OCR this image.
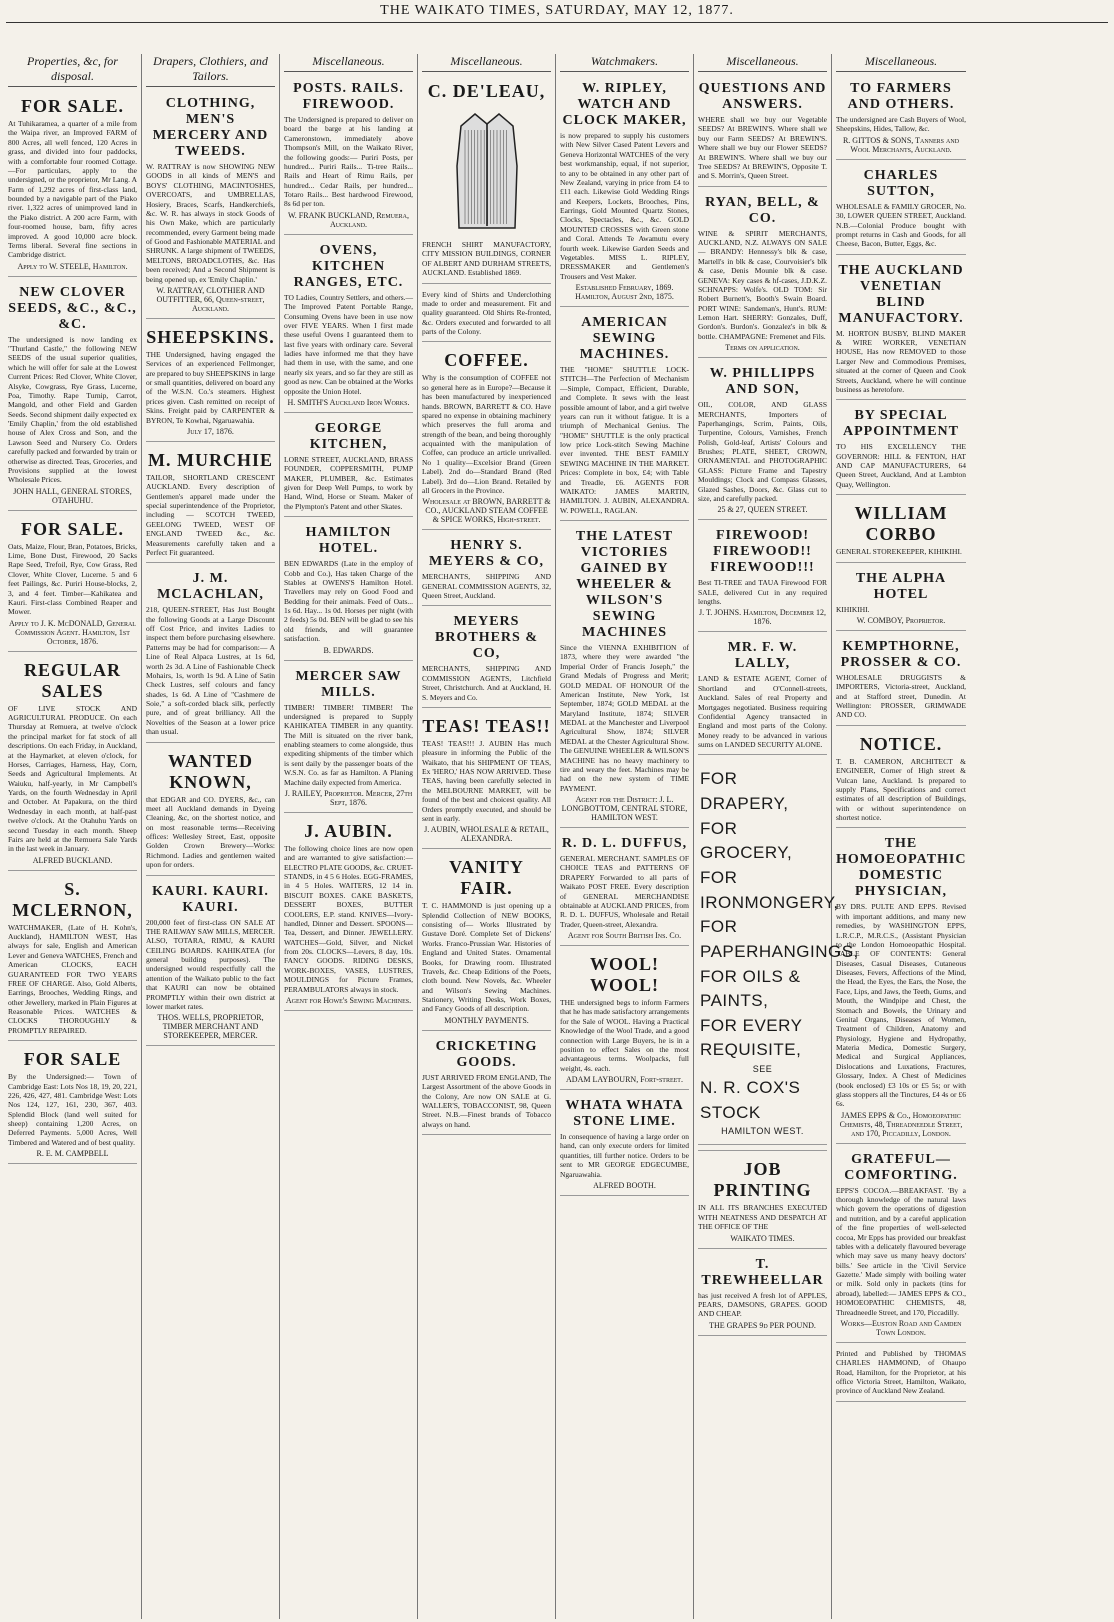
THE WAIKATO TIMES, SATURDAY, MAY 12, 1877.
Properties, &c, for disposal.
FOR SALE.
At Tuhikaramea, a quarter of a mile from the Waipa river, an Improved FARM of 800 Acres, all well fenced, 120 Acres in grass, and divided into four paddocks, with a comfortable four roomed Cottage.—For particulars, apply to the undersigned, or the proprietor, Mr Lang. A Farm of 1,292 acres of first-class land, bounded by a navigable part of the Piako river. 1,322 acres of unimproved land in the Piako district. A 200 acre Farm, with four-roomed house, barn, fifty acres improved. A good 10,000 acre block. Terms liberal. Several fine sections in Cambridge district.
Apply to W. STEELE, Hamilton.
NEW CLOVER SEEDS, &C., &C., &C.
The undersigned is now landing ex "Thurland Castle," the following NEW SEEDS of the usual superior qualities, which he will offer for sale at the Lowest Current Prices: Red Clover, White Clover, Alsyke, Cowgrass, Rye Grass, Lucerne, Poa, Timothy. Rape Turnip, Carrot, Mangold, and other Field and Garden Seeds. Second shipment daily expected ex 'Emily Chaplin,' from the old established house of Alex Cross and Son, and the Lawson Seed and Nursery Co. Orders carefully packed and forwarded by train or otherwise as directed. Teas, Groceries, and Provisions supplied at the lowest Wholesale Prices.
JOHN HALL, GENERAL STORES, OTAHUHU.
FOR SALE.
Oats, Maize, Flour, Bran, Potatoes, Bricks, Lime, Bone Dust, Firewood, 20 Sacks Rape Seed, Trefoil, Rye, Cow Grass, Red Clover, White Clover, Lucerne. 5 and 6 feet Pailings, &c. Puriri House-blocks, 2, 3, and 4 feet. Timber—Kahikatea and Kauri. First-class Combined Reaper and Mower.
Apply to J. K. McDONALD, General Commission Agent. Hamilton, 1st October, 1876.
REGULAR SALES
OF LIVE STOCK AND AGRICULTURAL PRODUCE. On each Thursday at Remuera, at twelve o'clock the principal market for fat stock of all descriptions. On each Friday, in Auckland, at the Haymarket, at eleven o'clock, for Horses, Carriages, Harness, Hay, Corn, Seeds and Agricultural Implements. At Waiuku, half-yearly, in Mr Campbell's Yards, on the fourth Wednesday in April and October. At Papakura, on the third Wednesday in each month, at half-past twelve o'clock. At the Otahuhu Yards on second Tuesday in each month. Sheep Fairs are held at the Remuera Sale Yards in the last week in January.
ALFRED BUCKLAND.
S. MCLERNON,
WATCHMAKER, (Late of H. Kohn's, Auckland), HAMILTON WEST, Has always for sale, English and American Lever and Geneva WATCHES, French and American CLOCKS, EACH GUARANTEED FOR TWO YEARS FREE OF CHARGE. Also, Gold Alberts, Earrings, Brooches, Wedding Rings, and other Jewellery, marked in Plain Figures at Reasonable Prices. WATCHES & CLOCKS THOROUGHLY & PROMPTLY REPAIRED.
FOR SALE
By the Undersigned:— Town of Cambridge East: Lots Nos 18, 19, 20, 221, 226, 426, 427, 481. Cambridge West: Lots Nos 124, 127, 161, 230, 367, 403. Splendid Block (land well suited for sheep) containing 1,200 Acres, on Deferred Payments. 5,000 Acres, Well Timbered and Watered and of best quality.
R. E. M. CAMPBELL
Drapers, Clothiers, and Tailors.
CLOTHING, MEN'S MERCERY AND TWEEDS.
W. RATTRAY is now SHOWING NEW GOODS in all kinds of MEN'S and BOYS' CLOTHING, MACINTOSHES, OVERCOATS, and UMBRELLAS, Hosiery, Braces, Scarfs, Handkerchiefs, &c. W. R. has always in stock Goods of his Own Make, which are particularly recommended, every Garment being made of Good and Fashionable MATERIAL and SHRUNK. A large shipment of TWEEDS, MELTONS, BROADCLOTHS, &c. Has been received; And a Second Shipment is being opened up, ex 'Emily Chaplin.'
W. RATTRAY, CLOTHIER AND OUTFITTER, 66, Queen-street, Auckland.
SHEEPSKINS.
THE Undersigned, having engaged the Services of an experienced Fellmonger, are prepared to buy SHEEPSKINS in large or small quantities, delivered on board any of the W.S.N. Co.'s steamers. Highest prices given. Cash remitted on receipt of Skins. Freight paid by CARPENTER & BYRON, Te Kowhai, Ngaruawahia.
July 17, 1876.
M. MURCHIE
TAILOR, SHORTLAND CRESCENT AUCKLAND. Every description of Gentlemen's apparel made under the special superintendence of the Proprietor, including — SCOTCH TWEED, GEELONG TWEED, WEST OF ENGLAND TWEED &c., &c. Measurements carefully taken and a Perfect Fit guaranteed.
J. M. MCLACHLAN,
218, QUEEN-STREET, Has Just Bought the following Goods at a Large Discount off Cost Price, and invites Ladies to inspect them before purchasing elsewhere. Patterns may be had for comparison:— A Line of Real Alpaca Lustres, at 1s 6d, worth 2s 3d. A Line of Fashionable Check Mohairs, 1s, worth 1s 9d. A Line of Satin Check Lustres, self colours and fancy shades, 1s 6d. A Line of "Cashmere de Soie," a soft-corded black silk, perfectly pure, and of great brilliancy. All the Novelties of the Season at a lower price than usual.
WANTED KNOWN,
that EDGAR and CO. DYERS, &c., can meet all Auckland demands in Dyeing Cleaning, &c, on the shortest notice, and on most reasonable terms—Receiving offices: Wellesley Street, East, opposite Golden Crown Brewery—Works: Richmond. Ladies and gentlemen waited upon for orders.
KAURI. KAURI. KAURI.
200,000 feet of first-class ON SALE AT THE RAILWAY SAW MILLS, MERCER. ALSO, TOTARA, RIMU, & KAURI CEILING BOARDS. KAHIKATEA (for general building purposes). The undersigned would respectfully call the attention of the Waikato public to the fact that KAURI can now be obtained PROMPTLY within their own district at lower market rates.
THOS. WELLS, PROPRIETOR, TIMBER MERCHANT AND STOREKEEPER, MERCER.
Miscellaneous.
POSTS. RAILS. FIREWOOD.
The Undersigned is prepared to deliver on board the barge at his landing at Cameronstown, immediately above Thompson's Mill, on the Waikato River, the following goods:— Puriri Posts, per hundred... Puriri Rails... Ti-tree Rails... Rails and Heart of Rimu Rails, per hundred... Cedar Rails, per hundred... Totaro Rails... Best hardwood Firewood, 8s 6d per ton.
W. FRANK BUCKLAND, Remuera, Auckland.
OVENS, KITCHEN RANGES, ETC.
TO Ladies, Country Settlers, and others.—The Improved Patent Portable Range, Consuming Ovens have been in use now over FIVE YEARS. When I first made these useful Ovens I guaranteed them to last five years with ordinary care. Several ladies have informed me that they have had them in use, with the same, and one nearly six years, and so far they are still as good as new. Can be obtained at the Works opposite the Union Hotel.
H. SMITH'S Auckland Iron Works.
GEORGE KITCHEN,
LORNE STREET, AUCKLAND, BRASS FOUNDER, COPPERSMITH, PUMP MAKER, PLUMBER, &c. Estimates given for Deep Well Pumps, to work by Hand, Wind, Horse or Steam. Maker of the Plympton's Patent and other Skates.
HAMILTON HOTEL.
BEN EDWARDS (Late in the employ of Cobb and Co.), Has taken Charge of the Stables at OWENS'S Hamilton Hotel. Travellers may rely on Good Food and Bedding for their animals. Feed of Oats... 1s 6d. Hay... 1s 0d. Horses per night (with 2 feeds) 5s 0d. BEN will be glad to see his old friends, and will guarantee satisfaction.
B. EDWARDS.
MERCER SAW MILLS.
TIMBER! TIMBER! TIMBER! The undersigned is prepared to Supply KAHIKATEA TIMBER in any quantity. The Mill is situated on the river bank, enabling steamers to come alongside, thus expediting shipments of the timber which is sent daily by the passenger boats of the W.S.N. Co. as far as Hamilton. A Planing Machine daily expected from America.
J. RAILEY, Proprietor. Mercer, 27th Sept, 1876.
J. AUBIN.
The following choice lines are now open and are warranted to give satisfaction:— ELECTRO PLATE GOODS, &c. CRUET-STANDS, in 4 5 6 Holes. EGG-FRAMES, in 4 5 Holes. WAITERS, 12 14 in. BISCUIT BOXES. CAKE BASKETS, DESSERT BOXES, BUTTER COOLERS, E.P. stand. KNIVES—Ivory-handled, Dinner and Dessert. SPOONS—Tea, Dessert, and Dinner. JEWELLERY. WATCHES—Gold, Silver, and Nickel from 20s. CLOCKS—Levers, 8 day, 10s. FANCY GOODS. RIDING DESKS, WORK-BOXES, VASES, LUSTRES, MOULDINGS for Picture Frames, PERAMBULATORS always in stock.
Agent for Howe's Sewing Machines.
Miscellaneous.
C. DE'LEAU,
FRENCH SHIRT MANUFACTORY, CITY MISSION BUILDINGS, CORNER OF ALBERT AND DURHAM STREETS, AUCKLAND. Established 1869.
Every kind of Shirts and Underclothing made to order and measurement. Fit and quality guaranteed. Old Shirts Re-fronted, &c. Orders executed and forwarded to all parts of the Colony.
COFFEE.
Why is the consumption of COFFEE not so general here as in Europe?—Because it has been manufactured by inexperienced hands. BROWN, BARRETT & CO. Have spared no expense in obtaining machinery which preserves the full aroma and strength of the bean, and being thoroughly acquainted with the manipulation of Coffee, can produce an article unrivalled. No 1 quality—Excelsior Brand (Green Label). 2nd do—Standard Brand (Red Label). 3rd do—Lion Brand. Retailed by all Grocers in the Province.
Wholesale at BROWN, BARRETT & CO., AUCKLAND STEAM COFFEE & SPICE WORKS, High-street.
HENRY S. MEYERS & CO,
MERCHANTS, SHIPPING AND GENERAL COMMISSION AGENTS, 32, Queen Street, Auckland.
MEYERS BROTHERS & CO,
MERCHANTS, SHIPPING AND COMMISSION AGENTS, Litchfield Street, Christchurch. And at Auckland, H. S. Meyers and Co.
TEAS! TEAS!!
TEAS! TEAS!!! J. AUBIN Has much pleasure in informing the Public of the Waikato, that his SHIPMENT OF TEAS, Ex 'HERO,' HAS NOW ARRIVED. These TEAS, having been carefully selected in the MELBOURNE MARKET, will be found of the best and choicest quality. All Orders promptly executed, and should be sent in early.
J. AUBIN, WHOLESALE & RETAIL, ALEXANDRA.
VANITY FAIR.
T. C. HAMMOND is just opening up a Splendid Collection of NEW BOOKS, consisting of— Works Illustrated by Gustave Doré. Complete Set of Dickens' Works. Franco-Prussian War. Histories of England and United States. Ornamental Books, for Drawing room. Illustrated Travels, &c. Cheap Editions of the Poets, cloth bound. New Novels, &c. Wheeler and Wilson's Sewing Machines. Stationery, Writing Desks, Work Boxes, and Fancy Goods of all description.
MONTHLY PAYMENTS.
CRICKETING GOODS.
JUST ARRIVED FROM ENGLAND, The Largest Assortment of the above Goods in the Colony, Are now ON SALE at G. WALLER'S, TOBACCONIST, 98, Queen Street. N.B.—Finest brands of Tobacco always on hand.
Watchmakers.
W. RIPLEY, WATCH AND CLOCK MAKER,
is now prepared to supply his customers with New Silver Cased Patent Levers and Geneva Horizontal WATCHES of the very best workmanship, equal, if not superior, to any to be obtained in any other part of New Zealand, varying in price from £4 to £11 each. Likewise Gold Wedding Rings and Keepers, Lockets, Brooches, Pins, Earrings, Gold Mounted Quartz Stones, Clocks, Spectacles, &c., &c. GOLD MOUNTED CROSSES with Green stone and Coral. Attends Te Awamutu every fourth week. Likewise Garden Seeds and Vegetables. MISS L. RIPLEY, DRESSMAKER and Gentlemen's Trousers and Vest Maker.
Established February, 1869. Hamilton, August 2nd, 1875.
AMERICAN SEWING MACHINES.
THE "HOME" SHUTTLE LOCK-STITCH—The Perfection of Mechanism—Simple, Compact, Efficient, Durable, and Complete. It sews with the least possible amount of labor, and a girl twelve years can run it without fatigue. It is a triumph of Mechanical Genius. The "HOME" SHUTTLE is the only practical low price Lock-stitch Sewing Machine ever invented. THE BEST FAMILY SEWING MACHINE IN THE MARKET. Prices: Complete in box, £4; with Table and Treadle, £6. AGENTS FOR WAIKATO: JAMES MARTIN, HAMILTON. J. AUBIN, ALEXANDRA. W. POWELL, RAGLAN.
THE LATEST VICTORIES GAINED BY WHEELER & WILSON'S SEWING MACHINES
Since the VIENNA EXHIBITION of 1873, where they were awarded "the Imperial Order of Francis Joseph," the Grand Medals of Progress and Merit; GOLD MEDAL OF HONOUR Of the American Institute, New York, 1st September, 1874; GOLD MEDAL at the Maryland Institute, 1874; SILVER MEDAL at the Manchester and Liverpool Agricultural Show, 1874; SILVER MEDAL at the Chester Agricultural Show. The GENUINE WHEELER & WILSON'S MACHINE has no heavy machinery to tire and weary the feet. Machines may be had on the new system of TIME PAYMENT.
Agent for the District: J. L. LONGBOTTOM, CENTRAL STORE, HAMILTON WEST.
R. D. L. DUFFUS,
GENERAL MERCHANT. SAMPLES OF CHOICE TEAS and PATTERNS OF DRAPERY Forwarded to all parts of Waikato POST FREE. Every description of GENERAL MERCHANDISE obtainable at AUCKLAND PRICES, from R. D. L. DUFFUS, Wholesale and Retail Trader, Queen-street, Alexandra.
Agent for South British Ins. Co.
WOOL! WOOL!
THE undersigned begs to inform Farmers that he has made satisfactory arrangements for the Sale of WOOL. Having a Practical Knowledge of the Wool Trade, and a good connection with Large Buyers, he is in a position to effect Sales on the most advantageous terms. Woolpacks, full weight, 4s. each.
ADAM LAYBOURN, Fort-street.
WHATA WHATA STONE LIME.
In consequence of having a large order on hand, can only execute orders for limited quantities, till further notice. Orders to be sent to MR GEORGE EDGECUMBE, Ngaruawahia.
ALFRED BOOTH.
Miscellaneous.
QUESTIONS AND ANSWERS.
WHERE shall we buy our Vegetable SEEDS? At BREWIN'S. Where shall we buy our Farm SEEDS? At BREWIN'S. Where shall we buy our Flower SEEDS? At BREWIN'S. Where shall we buy our Tree SEEDS? At BREWIN'S, Opposite T. and S. Morrin's, Queen Street.
RYAN, BELL, & CO.
WINE & SPIRIT MERCHANTS, AUCKLAND, N.Z. ALWAYS ON SALE— BRANDY: Hennessy's blk & case, Martell's in blk & case, Courvoisier's blk & case, Denis Mounie blk & case. GENEVA: Key cases & hf-cases, J.D.K.Z. SCHNAPPS: Wolfe's. OLD TOM: Sir Robert Burnett's, Booth's Swain Board. PORT WINE: Sandeman's, Hunt's. RUM: Lemon Hart. SHERRY: Gonzales, Duff, Gordon's. Burdon's. Gonzalez's in blk & bottle. CHAMPAGNE: Fremenet and Fils.
Terms on application.
W. PHILLIPPS AND SON,
OIL, COLOR, AND GLASS MERCHANTS, Importers of Paperhangings, Scrim, Paints, Oils, Turpentine, Colours, Varnishes, French Polish, Gold-leaf, Artists' Colours and Brushes; PLATE, SHEET, CROWN, ORNAMENTAL and PHOTOGRAPHIC GLASS: Picture Frame and Tapestry Mouldings; Clock and Compass Glasses, Glazed Sashes, Doors, &c. Glass cut to size, and carefully packed.
25 & 27, QUEEN STREET.
FIREWOOD! FIREWOOD!! FIREWOOD!!!
Best TI-TREE and TAUA Firewood FOR SALE, delivered Cut in any required lengths.
J. T. JOHNS. Hamilton, December 12, 1876.
MR. F. W. LALLY,
LAND & ESTATE AGENT, Corner of Shortland and O'Connell-streets, Auckland. Sales of real Property and Mortgages negotiated. Business requiring Confidential Agency transacted in England and most parts of the Colony. Money ready to be advanced in various sums on LANDED SECURITY ALONE.
FOR DRAPERY,
FOR GROCERY,
FOR IRONMONGERY,
FOR PAPERHANGINGS,
FOR OILS & PAINTS,
FOR EVERY REQUISITE,
SEE
N. R. COX'S STOCK
HAMILTON WEST.
JOB PRINTING
IN ALL ITS BRANCHES EXECUTED WITH NEATNESS AND DESPATCH AT THE OFFICE OF THE
WAIKATO TIMES.
T. TREWHEELLAR
has just received A fresh lot of APPLES, PEARS, DAMSONS, GRAPES. GOOD AND CHEAP.
THE GRAPES 9d PER POUND.
Miscellaneous.
TO FARMERS AND OTHERS.
The undersigned are Cash Buyers of Wool, Sheepskins, Hides, Tallow, &c.
R. GITTOS & SONS, Tanners and Wool Merchants, Auckland.
CHARLES SUTTON,
WHOLESALE & FAMILY GROCER, No. 30, LOWER QUEEN STREET, Auckland. N.B.—Colonial Produce bought with prompt returns in Cash and Goods, for all Cheese, Bacon, Butter, Eggs, &c.
THE AUCKLAND VENETIAN BLIND MANUFACTORY.
M. HORTON BUSBY, BLIND MAKER & WIRE WORKER, VENETIAN HOUSE, Has now REMOVED to those Larger New and Commodious Premises, situated at the corner of Queen and Cook Streets, Auckland, where he will continue business as heretofore.
BY SPECIAL APPOINTMENT
TO HIS EXCELLENCY THE GOVERNOR: HILL & FENTON, HAT AND CAP MANUFACTURERS, 64 Queen Street, Auckland, And at Lambton Quay, Wellington.
WILLIAM CORBO
GENERAL STOREKEEPER, KIHIKIHI.
THE ALPHA HOTEL
KIHIKIHI.
W. COMBOY, Proprietor.
KEMPTHORNE, PROSSER & CO.
WHOLESALE DRUGGISTS & IMPORTERS, Victoria-street, Auckland, and at Stafford street, Dunedin. At Wellington: PROSSER, GRIMWADE AND CO.
NOTICE.
T. B. CAMERON, ARCHITECT & ENGINEER, Corner of High street & Vulcan lane, Auckland. Is prepared to supply Plans, Specifications and correct estimates of all description of Buildings, with or without superintendence on shortest notice.
THE HOMOEOPATHIC DOMESTIC PHYSICIAN,
BY DRS. PULTE AND EPPS. Revised with important additions, and many new remedies, by WASHINGTON EPPS, L.R.C.P., M.R.C.S., (Assistant Physician to the London Homoeopathic Hospital. TABLE OF CONTENTS: General Diseases, Casual Diseases, Cutaneous Diseases, Fevers, Affections of the Mind, the Head, the Eyes, the Ears, the Nose, the Face, Lips, and Jaws, the Teeth, Gums, and Mouth, the Windpipe and Chest, the Stomach and Bowels, the Urinary and Genital Organs, Diseases of Women, Treatment of Children, Anatomy and Physiology, Hygiene and Hydropathy, Materia Medica, Domestic Surgery, Medical and Surgical Appliances, Dislocations and Luxations, Fractures, Glossary, Index. A Chest of Medicines (book enclosed) £3 10s or £5 5s; or with glass stoppers all the Tinctures, £4 4s or £6 6s.
JAMES EPPS & Co., Homoeopathic Chemists, 48, Threadneedle Street, and 170, Piccadilly, London.
GRATEFUL—COMFORTING.
EPPS'S COCOA.—BREAKFAST. 'By a thorough knowledge of the natural laws which govern the operations of digestion and nutrition, and by a careful application of the fine properties of well-selected cocoa, Mr Epps has provided our breakfast tables with a delicately flavoured beverage which may save us many heavy doctors' bills.' See article in the 'Civil Service Gazette.' Made simply with boiling water or milk. Sold only in packets (tins for abroad), labelled:— JAMES EPPS & CO., HOMOEOPATHIC CHEMISTS, 48, Threadneedle Street, and 170, Piccadilly.
Works—Euston Road and Camden Town London.
Printed and Published by THOMAS CHARLES HAMMOND, of Ohaupo Road, Hamilton, for the Proprietor, at his office Victoria Street, Hamilton, Waikato, province of Auckland New Zealand.
